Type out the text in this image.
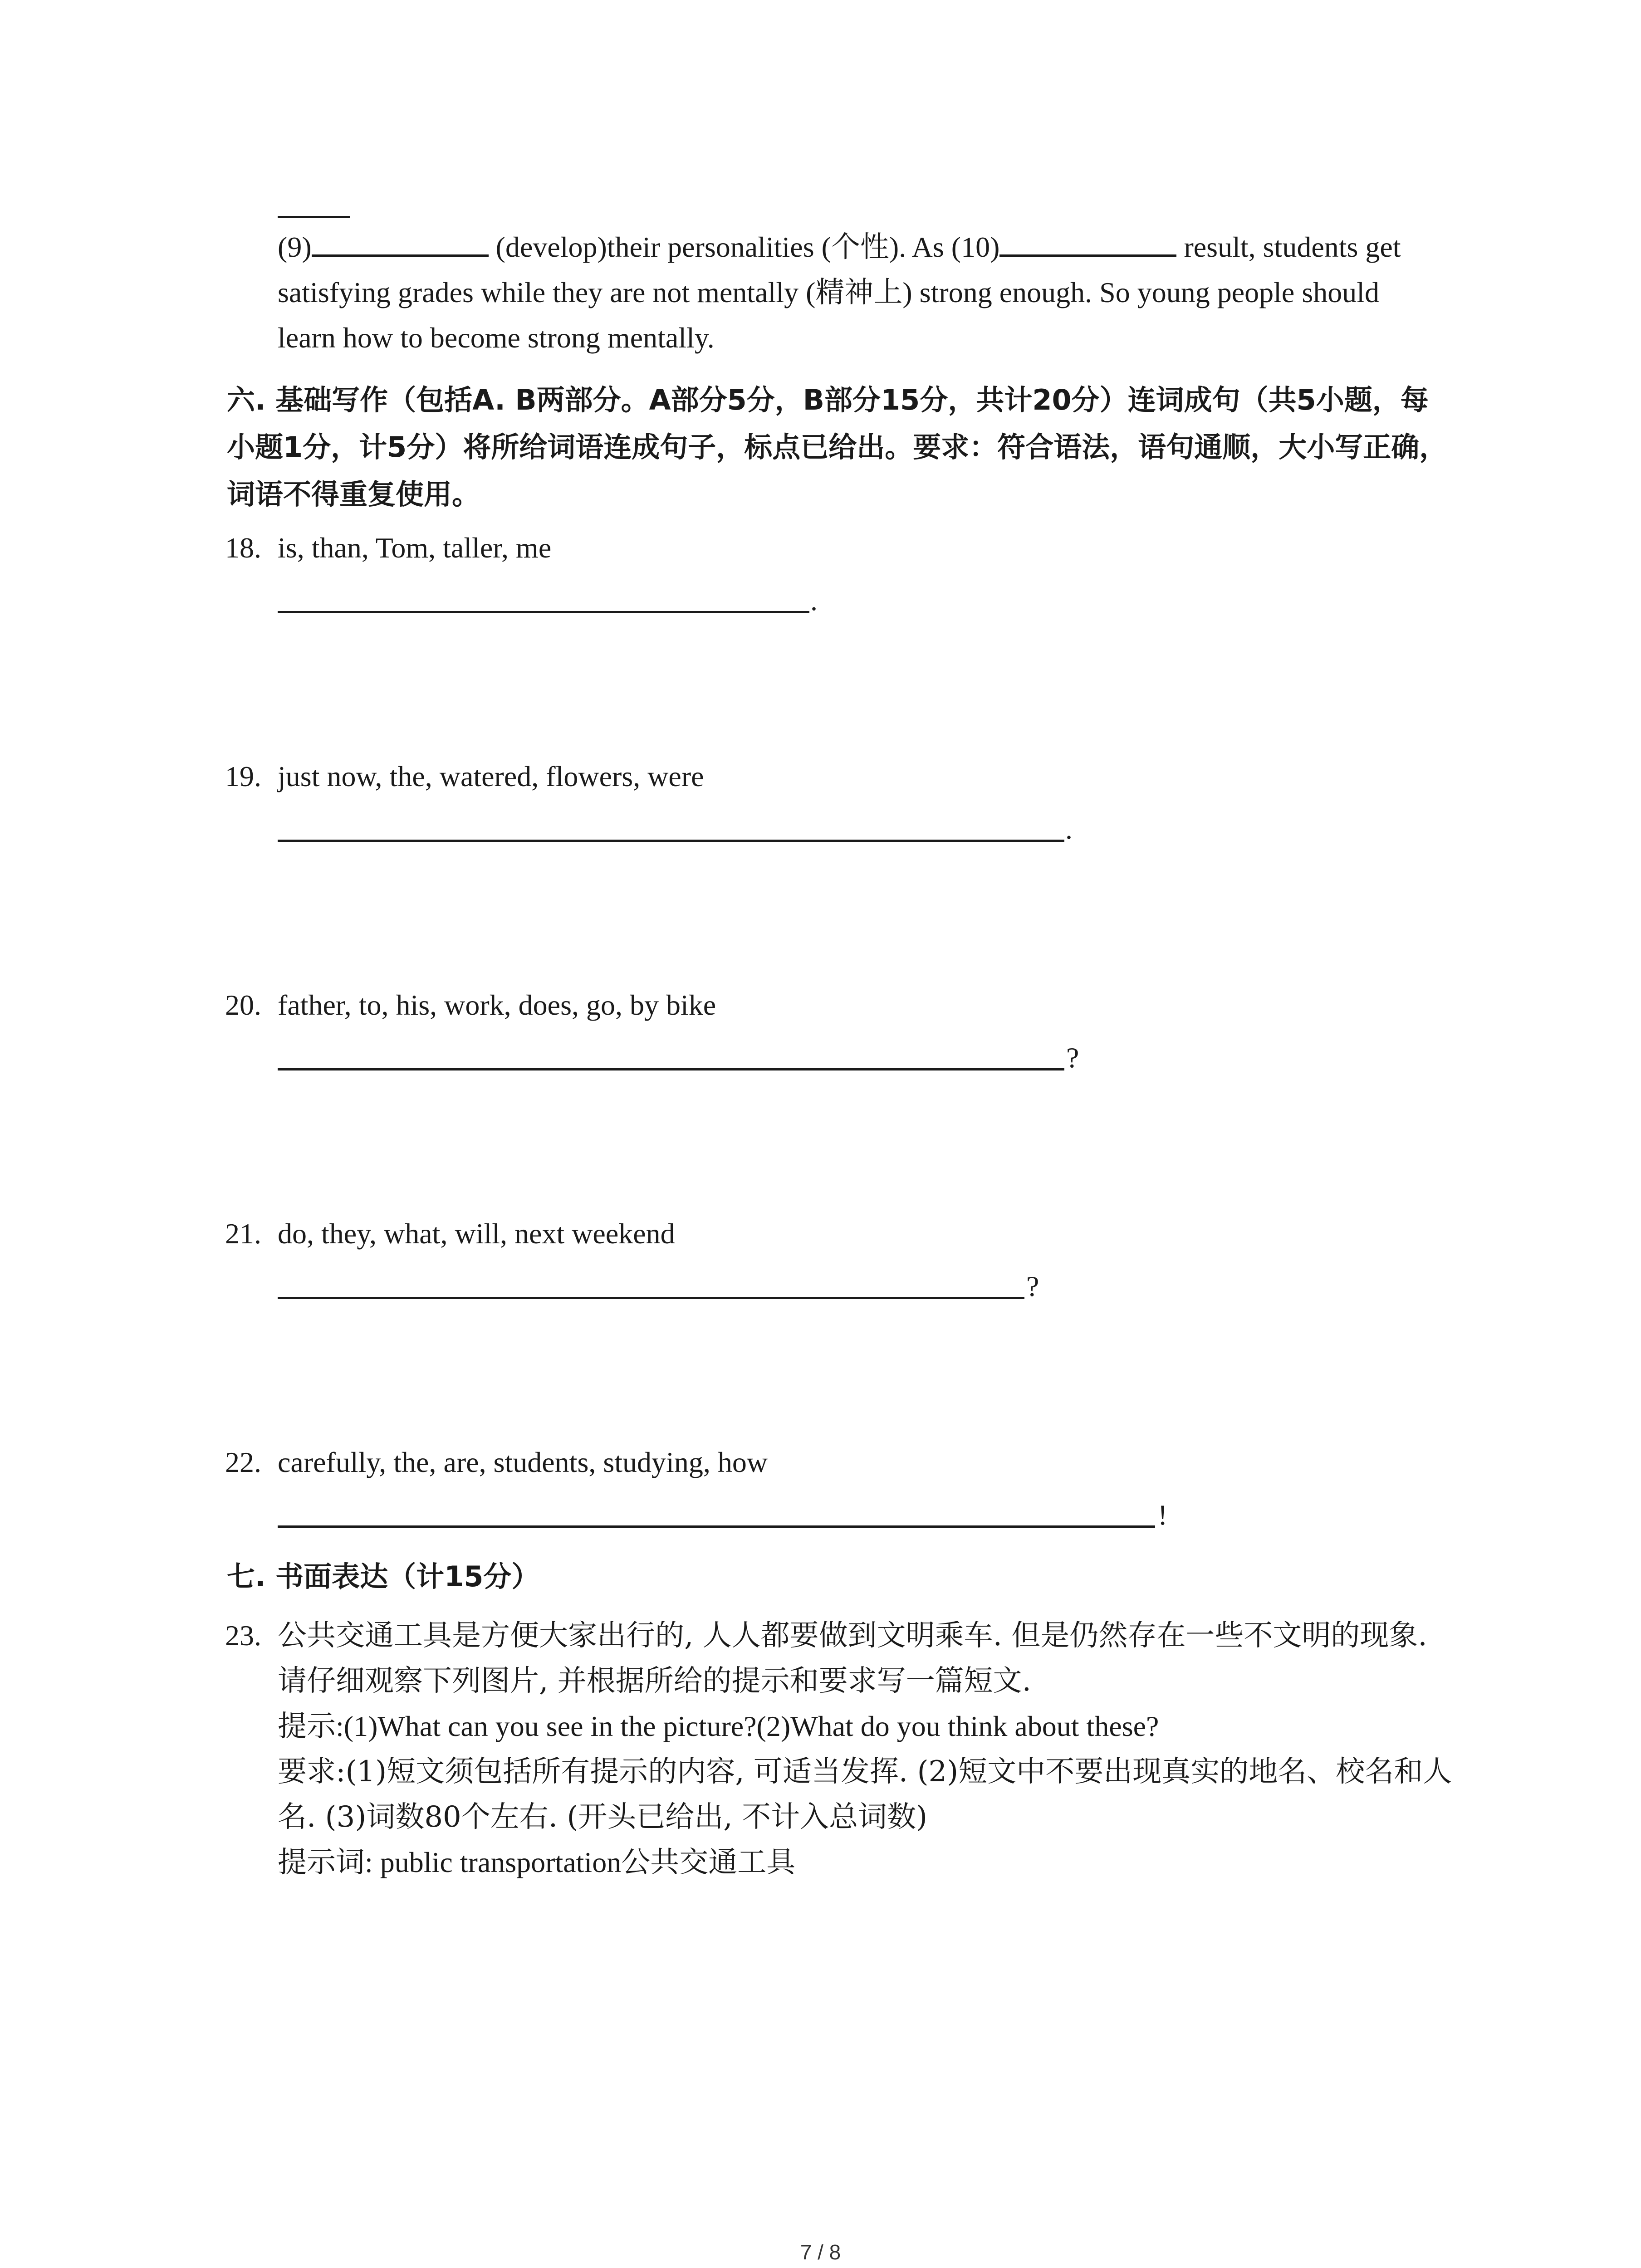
(9)	(develop)their personalities (个性). As (10)	result, students get
satisfying grades while they are not mentally (精神上) strong enough. So young people should
learn how to become strong mentally.
六. 基础写作（包括A. B两部分。A部分5分，B部分15分，共计20分）连词成句（共5小题，每小题1分，计5分）将所给词语连成句子，标点已给出。要求：符合语法，语句通顺，大小写正确，词语不得重复使用。
18. is, than, Tom, taller, me
.
19. just now, the, watered, flowers, were
.
20. father, to, his, work, does, go, by bike
?
21. do, they, what, will, next weekend
?
22. carefully, the, are, students, studying, how
!
七. 书面表达（计15分）
23. 公共交通工具是方便大家出行的, 人人都要做到文明乘车. 但是仍然存在一些不文明的现象. 请仔细观察下列图片, 并根据所给的提示和要求写一篇短文.
提示:(1)What can you see in the picture?(2)What do you think about these?
要求:(1)短文须包括所有提示的内容, 可适当发挥. (2)短文中不要出现真实的地名、校名和人名. (3)词数80个左右. (开头已给出, 不计入总词数)
提示词: public transportation公共交通工具
7 / 8
